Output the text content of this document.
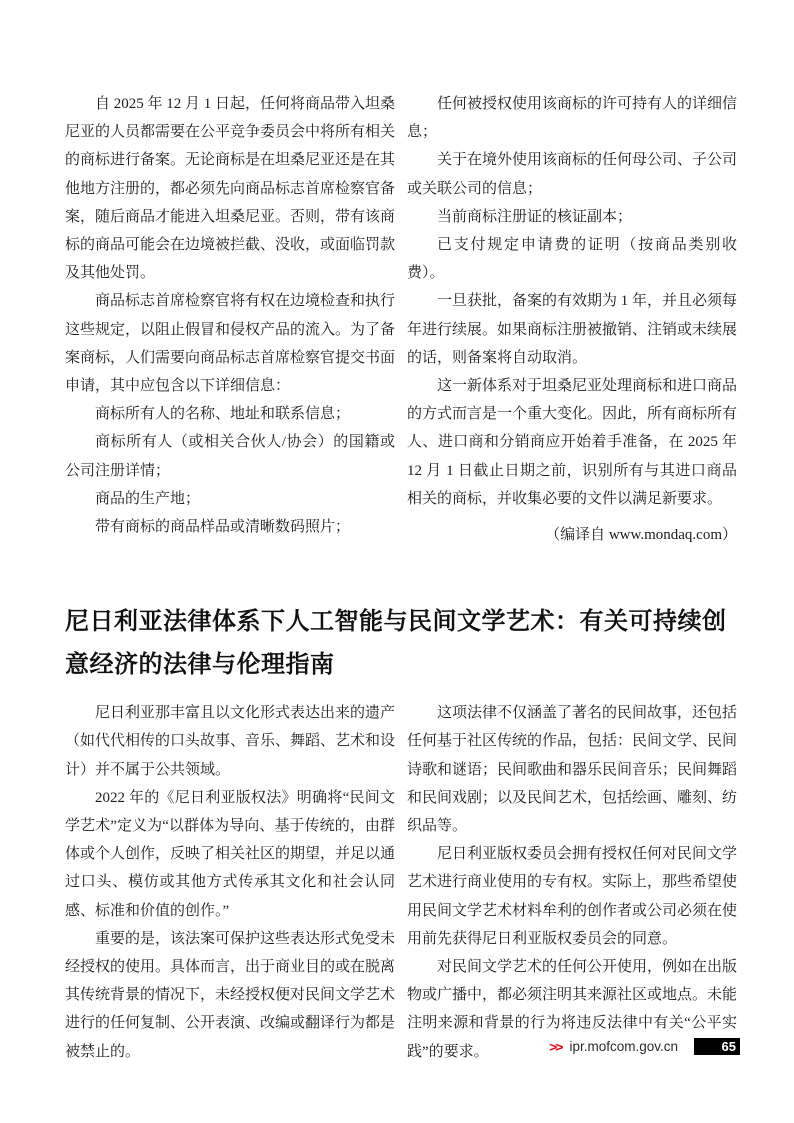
自 2025 年 12 月 1 日起，任何将商品带入坦桑尼亚的人员都需要在公平竞争委员会中将所有相关的商标进行备案。无论商标是在坦桑尼亚还是在其他地方注册的，都必须先向商品标志首席检察官备案，随后商品才能进入坦桑尼亚。否则，带有该商标的商品可能会在边境被拦截、没收，或面临罚款及其他处罚。

商品标志首席检察官将有权在边境检查和执行这些规定，以阻止假冒和侵权产品的流入。为了备案商标，人们需要向商品标志首席检察官提交书面申请，其中应包含以下详细信息：

商标所有人的名称、地址和联系信息；

商标所有人（或相关合伙人/协会）的国籍或公司注册详情；

商品的生产地；

带有商标的商品样品或清晰数码照片；

任何被授权使用该商标的许可持有人的详细信息；

关于在境外使用该商标的任何母公司、子公司或关联公司的信息；

当前商标注册证的核证副本；

已支付规定申请费的证明（按商品类别收费）。

一旦获批，备案的有效期为 1 年，并且必须每年进行续展。如果商标注册被撤销、注销或未续展的话，则备案将自动取消。

这一新体系对于坦桑尼亚处理商标和进口商品的方式而言是一个重大变化。因此，所有商标所有人、进口商和分销商应开始着手准备，在 2025 年 12 月 1 日截止日期之前，识别所有与其进口商品相关的商标，并收集必要的文件以满足新要求。

（编译自 www.mondaq.com）

尼日利亚法律体系下人工智能与民间文学艺术：有关可持续创意经济的法律与伦理指南

尼日利亚那丰富且以文化形式表达出来的遗产（如代代相传的口头故事、音乐、舞蹈、艺术和设计）并不属于公共领域。

2022 年的《尼日利亚版权法》明确将“民间文学艺术”定义为“以群体为导向、基于传统的，由群体或个人创作，反映了相关社区的期望，并足以通过口头、模仿或其他方式传承其文化和社会认同感、标准和价值的创作。”

重要的是，该法案可保护这些表达形式免受未经授权的使用。具体而言，出于商业目的或在脱离其传统背景的情况下，未经授权便对民间文学艺术进行的任何复制、公开表演、改编或翻译行为都是被禁止的。

这项法律不仅涵盖了著名的民间故事，还包括任何基于社区传统的作品，包括：民间文学、民间诗歌和谜语；民间歌曲和器乐民间音乐；民间舞蹈和民间戏剧；以及民间艺术，包括绘画、雕刻、纺织品等。

尼日利亚版权委员会拥有授权任何对民间文学艺术进行商业使用的专有权。实际上，那些希望使用民间文学艺术材料牟利的创作者或公司必须在使用前先获得尼日利亚版权委员会的同意。

对民间文学艺术的任何公开使用，例如在出版物或广播中，都必须注明其来源社区或地点。未能注明来源和背景的行为将违反法律中有关“公平实践”的要求。	>> ipr.mofcom.gov.cn	65
